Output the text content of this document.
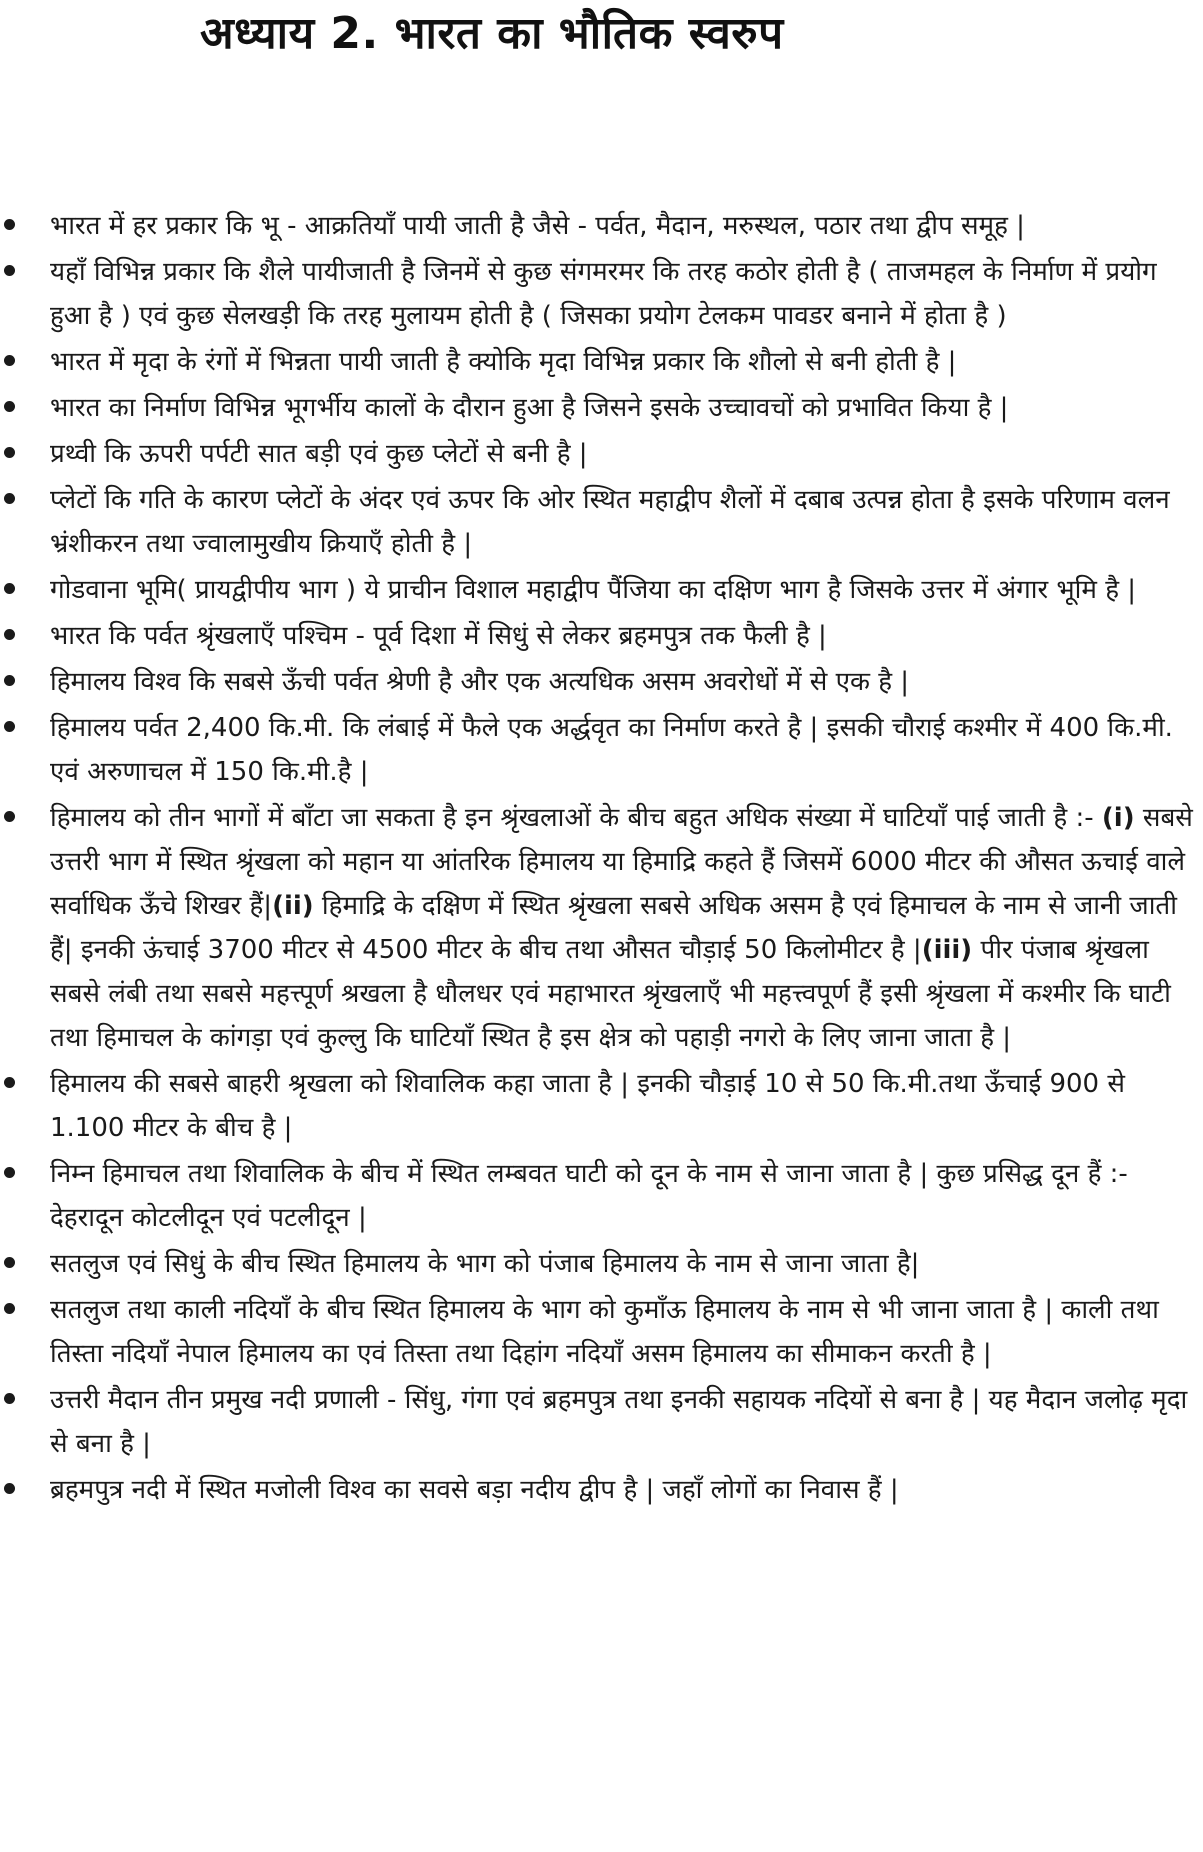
अध्याय 2. भारत का भौतिक स्वरुप
भारत में हर प्रकार कि भू - आक्रतियाँ पायी जाती है जैसे - पर्वत, मैदान, मरुस्थल, पठार तथा द्वीप समूह |
यहाँ विभिन्न प्रकार कि शैले पायीजाती है जिनमें से कुछ संगमरमर कि तरह कठोर होती है ( ताजमहल के निर्माण में प्रयोग हुआ है ) एवं कुछ सेलखड़ी कि तरह मुलायम होती है ( जिसका प्रयोग टेलकम पावडर बनाने में होता है )
भारत में मृदा के रंगों में भिन्नता पायी जाती है क्योकि मृदा विभिन्न प्रकार कि शौलो से बनी होती है |
भारत का निर्माण विभिन्न भूगर्भीय कालों के दौरान हुआ है जिसने इसके उच्चावचों को प्रभावित किया है |
प्रथ्वी कि ऊपरी पर्पटी सात बड़ी एवं कुछ प्लेटों से बनी है |
प्लेटों कि गति के कारण प्लेटों के अंदर एवं ऊपर कि ओर स्थित महाद्वीप शैलों में दबाब उत्पन्न होता है इसके परिणाम वलन भ्रंशीकरन तथा ज्वालामुखीय क्रियाएँ होती है |
गोडवाना भूमि( प्रायद्वीपीय भाग ) ये प्राचीन विशाल महाद्वीप पैंजिया का दक्षिण भाग है जिसके उत्तर में अंगार भूमि है |
भारत कि पर्वत श्रृंखलाएँ पश्चिम - पूर्व दिशा में सिधुं से लेकर ब्रहमपुत्र तक फैली है |
हिमालय विश्व कि सबसे ऊँची पर्वत श्रेणी है और एक अत्यधिक असम अवरोधों में से एक है |
हिमालय पर्वत 2,400 कि.मी. कि लंबाई में फैले एक अर्द्धवृत का निर्माण करते है | इसकी चौराई कश्मीर में 400 कि.मी. एवं अरुणाचल में 150 कि.मी.है |
हिमालय को तीन भागों में बाँटा जा सकता है इन श्रृंखलाओं के बीच बहुत अधिक संख्या में घाटियाँ पाई जाती है :- (i) सबसे उत्तरी भाग में स्थित श्रृंखला को महान या आंतरिक हिमालय या हिमाद्रि कहते हैं जिसमें 6000 मीटर की औसत ऊचाई वाले सर्वाधिक ऊँचे शिखर हैं|(ii) हिमाद्रि के दक्षिण में स्थित श्रृंखला सबसे अधिक असम है एवं हिमाचल के नाम से जानी जाती हैं| इनकी ऊंचाई 3700 मीटर से 4500 मीटर के बीच तथा औसत चौड़ाई 50 किलोमीटर है |(iii) पीर पंजाब श्रृंखला सबसे लंबी तथा सबसे महत्त्पूर्ण श्रखला है धौलधर एवं महाभारत श्रृंखलाएँ भी महत्त्वपूर्ण हैं इसी श्रृंखला में कश्मीर कि घाटी तथा हिमाचल के कांगड़ा एवं कुल्लु कि घाटियाँ स्थित है इस क्षेत्र को पहाड़ी नगरो के लिए जाना जाता है |
हिमालय की सबसे बाहरी श्रृखला को शिवालिक कहा जाता है | इनकी चौड़ाई 10 से 50 कि.मी.तथा ऊँचाई 900 से 1.100 मीटर के बीच है |
निम्न हिमाचल तथा शिवालिक के बीच में स्थित लम्बवत घाटी को दून के नाम से जाना जाता है | कुछ प्रसिद्ध दून हैं :- देहरादून कोटलीदून एवं पटलीदून |
सतलुज एवं सिधुं के बीच स्थित हिमालय के भाग को पंजाब हिमालय के नाम से जाना जाता है|
सतलुज तथा काली नदियाँ के बीच स्थित हिमालय के भाग को कुमाँऊ हिमालय के नाम से भी जाना जाता है | काली तथा तिस्ता नदियाँ नेपाल हिमालय का एवं तिस्ता तथा दिहांग नदियाँ असम हिमालय का सीमाकन करती है |
उत्तरी मैदान तीन प्रमुख नदी प्रणाली - सिंधु, गंगा एवं ब्रहमपुत्र तथा इनकी सहायक नदियों से बना है | यह मैदान जलोढ़ मृदा से बना है |
ब्रहमपुत्र नदी में स्थित मजोली विश्व का सवसे बड़ा नदीय द्वीप है | जहाँ लोगों का निवास हैं |
